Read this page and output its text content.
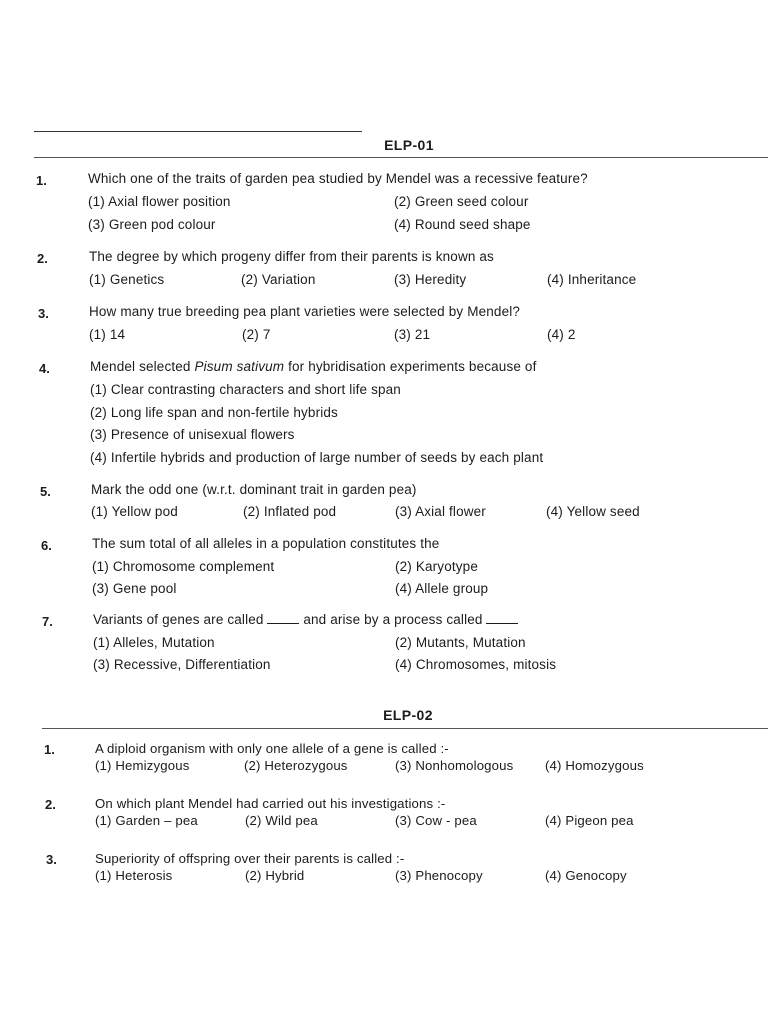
ELP-01
1.	Which one of the traits of garden pea studied by Mendel was a recessive feature?
(1) Axial flower position	(2) Green seed colour
(3) Green pod colour	(4) Round seed shape
2.	The degree by which progeny differ from their parents is known as
(1) Genetics	(2) Variation	(3) Heredity	(4) Inheritance
3.	How many true breeding pea plant varieties were selected by Mendel?
(1) 14	(2) 7	(3) 21	(4) 2
4.	Mendel selected Pisum sativum for hybridisation experiments because of
(1) Clear contrasting characters and short life span
(2) Long life span and non-fertile hybrids
(3) Presence of unisexual flowers
(4) Infertile hybrids and production of large number of seeds by each plant
5.	Mark the odd one (w.r.t. dominant trait in garden pea)
(1) Yellow pod	(2) Inflated pod	(3) Axial flower	(4) Yellow seed
6.	The sum total of all alleles in a population constitutes the
(1) Chromosome complement	(2) Karyotype
(3) Gene pool	(4) Allele group
7.	Variants of genes are called  and arise by a process called
(1) Alleles, Mutation	(2) Mutants, Mutation
(3) Recessive, Differentiation	(4) Chromosomes, mitosis
ELP-02
1.	A diploid organism with only one allele of a gene is called :-
(1) Hemizygous	(2) Heterozygous	(3) Nonhomologous (4) Homozygous
2.	On which plant Mendel had carried out his investigations :-
(1) Garden – pea	(2) Wild pea	(3) Cow - pea	(4) Pigeon pea
3.	Superiority of offspring over their parents is called :-
(1) Heterosis	(2) Hybrid	(3) Phenocopy	(4) Genocopy
